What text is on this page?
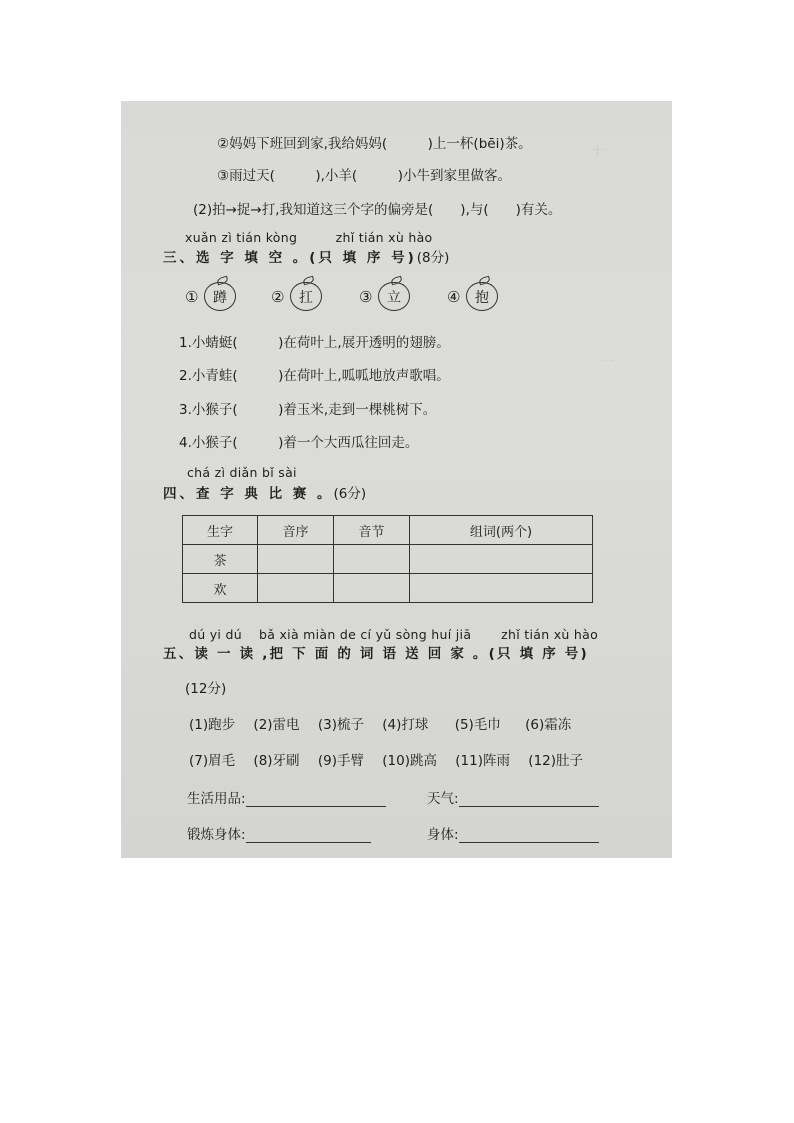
十　　　
一　

②妈妈下班回到家,我给妈妈(　　　)上一杯(bēi)茶。
③雨过天(　　　),小羊(　　　)小牛到家里做客。
(2)拍→捉→打,我知道这三个字的偏旁是(　　),与(　　)有关。
xuǎn zì tián kòng　　　zhǐ tián xù hào
三、选 字 填 空 。(只 填 序 号)(8分)
① 蹲	② 扛	③ 立	④ 抱
1.小蜻蜓(　　　)在荷叶上,展开透明的翅膀。
2.小青蛙(　　　)在荷叶上,呱呱地放声歌唱。
3.小猴子(　　　)着玉米,走到一棵桃树下。
4.小猴子(　　　)着一个大西瓜往回走。
chá zì diǎn bǐ sài
四、查 字 典 比 赛 。(6分)
生字	音序	音节	组词(两个)
茶			
欢			
dú yi dú　 bǎ xià miàn de cí yǔ sòng huí jiā　　 zhǐ tián xù hào
五、读 一 读 ,把 下 面 的 词 语 送 回 家 。(只 填 序 号)
(12分)
(1)跑步 (2)雷电 (3)梳子 (4)打球 (5)毛巾 (6)霜冻
(7)眉毛 (8)牙刷 (9)手臂 (10)跳高 (11)阵雨 (12)肚子
生活用品:	天气:
锻炼身体:	身体:
